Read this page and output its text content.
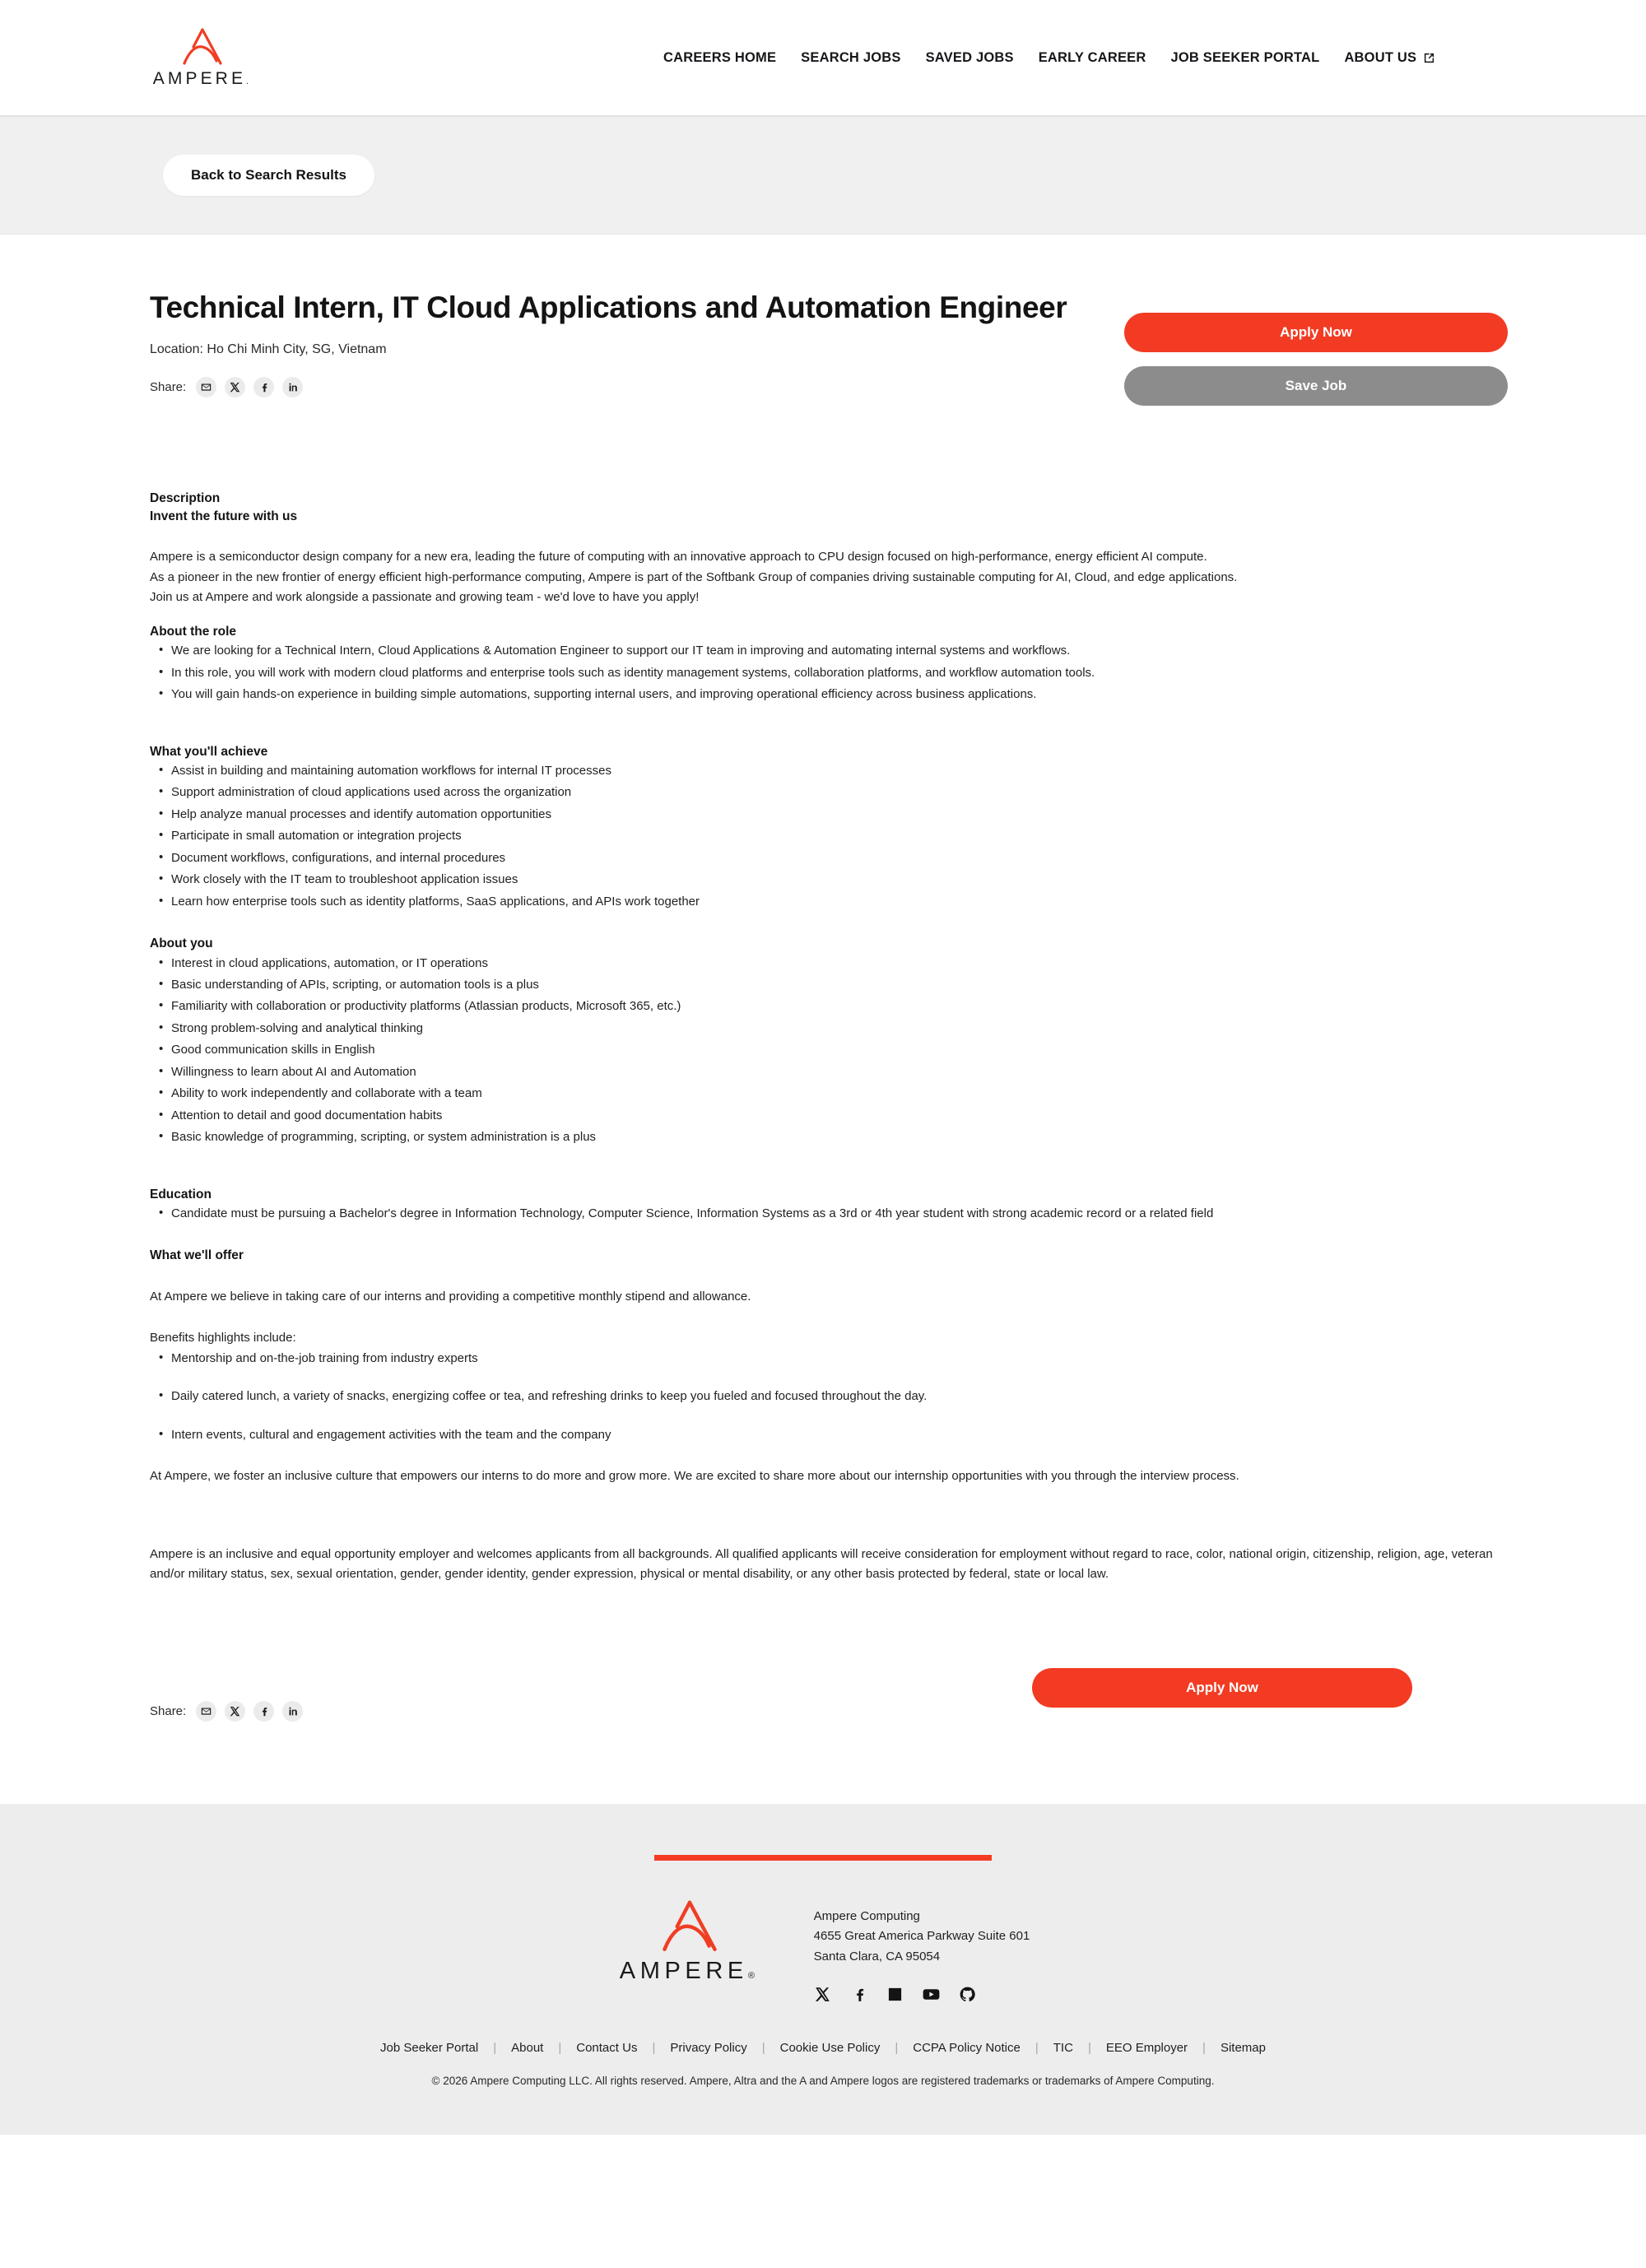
AMPERE.
CAREERS HOME SEARCH JOBS SAVED JOBS EARLY CAREER JOB SEEKER PORTAL ABOUT US
Back to Search Results
Technical Intern, IT Cloud Applications and Automation Engineer
Location: Ho Chi Minh City, SG, Vietnam
Share:
Apply Now
Save Job
Description
Invent the future with us

Ampere is a semiconductor design company for a new era, leading the future of computing with an innovative approach to CPU design focused on high-performance, energy efficient AI compute.

As a pioneer in the new frontier of energy efficient high-performance computing, Ampere is part of the Softbank Group of companies driving sustainable computing for AI, Cloud, and edge applications.

Join us at Ampere and work alongside a passionate and growing team - we'd love to have you apply!

About the role
• We are looking for a Technical Intern, Cloud Applications & Automation Engineer to support our IT team in improving and automating internal systems and workflows.
• In this role, you will work with modern cloud platforms and enterprise tools such as identity management systems, collaboration platforms, and workflow automation tools.
• You will gain hands-on experience in building simple automations, supporting internal users, and improving operational efficiency across business applications.
What you'll achieve
• Assist in building and maintaining automation workflows for internal IT processes
• Support administration of cloud applications used across the organization
• Help analyze manual processes and identify automation opportunities
• Participate in small automation or integration projects
• Document workflows, configurations, and internal procedures
• Work closely with the IT team to troubleshoot application issues
• Learn how enterprise tools such as identity platforms, SaaS applications, and APIs work together
About you
• Interest in cloud applications, automation, or IT operations
• Basic understanding of APIs, scripting, or automation tools is a plus
• Familiarity with collaboration or productivity platforms (Atlassian products, Microsoft 365, etc.)
• Strong problem-solving and analytical thinking
• Good communication skills in English
• Willingness to learn about AI and Automation
• Ability to work independently and collaborate with a team
• Attention to detail and good documentation habits
• Basic knowledge of programming, scripting, or system administration is a plus
Education
• Candidate must be pursuing a Bachelor's degree in Information Technology, Computer Science, Information Systems as a 3rd or 4th year student with strong academic record or a related field
What we'll offer

At Ampere we believe in taking care of our interns and providing a competitive monthly stipend and allowance.

Benefits highlights include:

• Mentorship and on-the-job training from industry experts
• Daily catered lunch, a variety of snacks, energizing coffee or tea, and refreshing drinks to keep you fueled and focused throughout the day.
• Intern events, cultural and engagement activities with the team and the company

At Ampere, we foster an inclusive culture that empowers our interns to do more and grow more. We are excited to share more about our internship opportunities with you through the interview process.

Ampere is an inclusive and equal opportunity employer and welcomes applicants from all backgrounds. All qualified applicants will receive consideration for employment without regard to race, color, national origin, citizenship, religion, age, veteran and/or military status, sex, sexual orientation, gender, gender identity, gender expression, physical or mental disability, or any other basis protected by federal, state or local law.

Share:
Apply Now
AMPERE®
Ampere Computing
4655 Great America Parkway Suite 601
Santa Clara, CA 95054
Job Seeker Portal	|	About	|	Contact Us	|	Privacy Policy	|	Cookie Use Policy	|	CCPA Policy Notice	|	TIC	|	EEO Employer	|	Sitemap
© 2026 Ampere Computing LLC. All rights reserved. Ampere, Altra and the A and Ampere logos are registered trademarks or trademarks of Ampere Computing.
